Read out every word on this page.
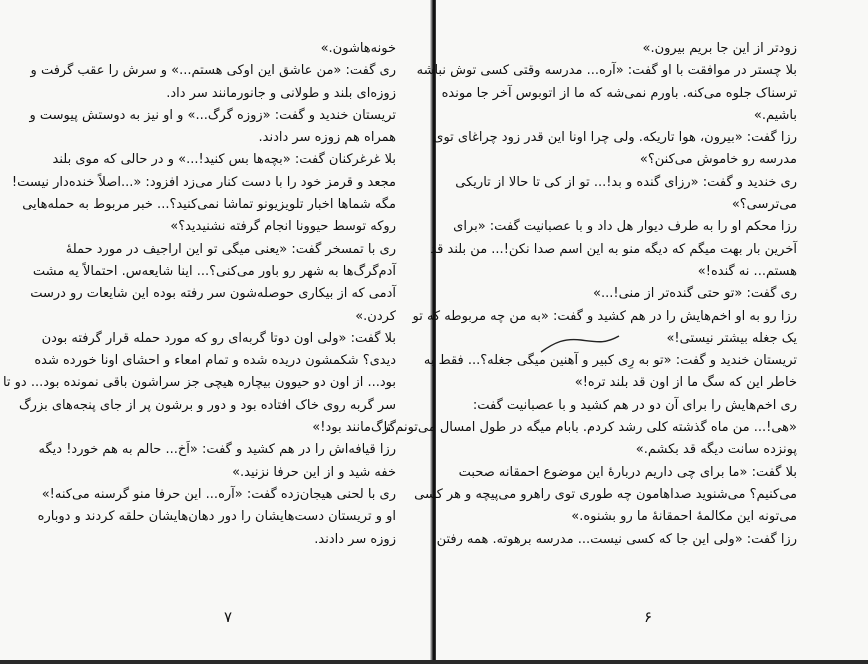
خونه‌هاشون.»
ری گفت: «من عاشق این اوکی هستم...» و سرش را عقب گرفت و
زوزه‌ای بلند و طولانی و جانورمانند سر داد.
تریستان خندید و گفت: «زوزه گرگ...» و او نیز به دوستش پیوست و
همراه هم زوزه سر دادند.
بلا غرغرکنان گفت: «بچه‌ها بس کنید!...» و در حالی که موی بلند
مجعد و قرمز خود را با دست کنار می‌زد افزود: «...اصلاً خنده‌دار نیست!
مگه شماها اخبار تلویزیونو تماشا نمی‌کنید؟... خبر مربوط به حمله‌هایی
روکه توسط حیوونا انجام گرفته نشنیدید؟»
ری با تمسخر گفت: «یعنی میگی تو این اراجیف در مورد حملهٔ
آدم‌گرگ‌ها به شهر رو باور می‌کنی؟... اینا شایعه‌س. احتمالاً یه مشت
آدمی که از بیکاری حوصله‌شون سر رفته بوده این شایعات رو درست
کردن.»
بلا گفت: «ولی اون دوتا گربه‌ای رو که مورد حمله قرار گرفته بودن
دیدی؟ شکمشون دریده شده و تمام امعاء و احشای اونا خورده شده
بود... از اون دو حیوون بیچاره هیچی جز سراشون باقی نمونده بود... دو تا
سر گربه روی خاک افتاده بود و دور و برشون پر از جای پنجه‌های بزرگ
گرگ‌مانند بود!»
رزا قیافه‌اش را در هم کشید و گفت: «اَخ... حالم به هم خورد! دیگه
خفه شید و از این حرفا نزنید.»
ری با لحنی هیجان‌زده گفت: «آره... این حرفا منو گرسنه می‌کنه!»
او و تریستان دست‌هایشان را دور دهان‌هایشان حلقه کردند و دوباره
زوزه سر دادند.
۷
زودتر از این جا بریم بیرون.»
بلا چستر در موافقت با او گفت: «آره... مدرسه وقتی کسی توش نباشه
ترسناک جلوه می‌کنه. باورم نمی‌شه که ما از اتوبوس آخر جا مونده
باشیم.»
رزا گفت: «بیرون، هوا تاریکه. ولی چرا اونا این قدر زود چراغای توی
مدرسه رو خاموش می‌کنن؟»
ری خندید و گفت: «رزای گنده و بد!... تو از کی تا حالا از تاریکی
می‌ترسی؟»
رزا محکم او را به طرف دیوار هل داد و با عصبانیت گفت: «برای
آخرین بار بهت میگم که دیگه منو به این اسم صدا نکن!... من بلند قد
هستم... نه گنده!»
ری گفت: «تو حتی گنده‌تر از منی!...»
رزا رو به او اخم‌هایش را در هم کشید و گفت: «به من چه مربوطه که تو
یک جغله بیشتر نیستی!»
تریستان خندید و گفت: «تو به رِی کبیر و آهنین میگی جغله؟... فقط به
خاطر این که سگ ما از اون قد بلند تره!»
ری اخم‌هایش را برای آن دو در هم کشید و با عصبانیت گفت:
«هی!... من ماه گذشته کلی رشد کردم. بابام میگه در طول امسال می‌تونم تا
پونزده سانت دیگه قد بکشم.»
بلا گفت: «ما برای چی داریم دربارهٔ این موضوع احمقانه صحبت
می‌کنیم؟ می‌شنوید صداهامون چه طوری توی راهرو می‌پیچه و هر کسی
می‌تونه این مکالمهٔ احمقانهٔ ما رو بشنوه.»
رزا گفت: «ولی این جا که کسی نیست... مدرسه برهوته. همه رفتن
۶
